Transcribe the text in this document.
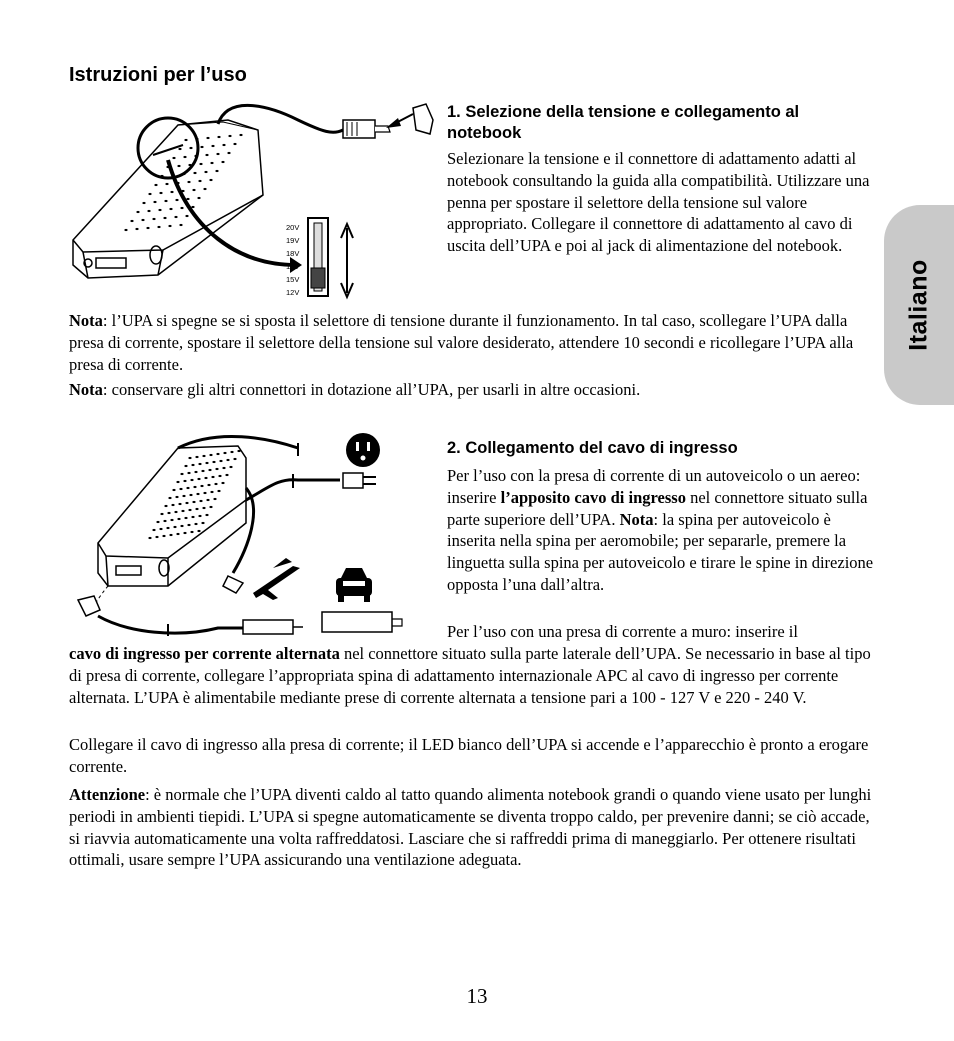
Istruzioni per l’uso
Italiano
20V
19V
18V
16V
15V
12V
1. Selezione della tensione e collegamento al notebook
Selezionare la tensione e il connettore di adattamento adatti al notebook consultando la guida alla compatibilità. Utilizzare una penna per spostare il selettore della tensione sul valore appropriato. Collegare il connettore di adattamento al cavo di uscita dell’UPA e poi al jack di alimentazione del notebook.
Nota: l’UPA si spegne se si sposta il selettore di tensione durante il funzionamento. In tal caso, scollegare l’UPA dalla presa di corrente, spostare il selettore della tensione sul valore desiderato, attendere 10 secondi e ricollegare l’UPA alla presa di corrente.
Nota: conservare gli altri connettori in dotazione all’UPA, per usarli in altre occasioni.
2. Collegamento del cavo di ingresso
Per l’uso con la presa di corrente di un autoveicolo o un aereo: inserire l’apposito cavo di ingresso nel connettore situato sulla parte superiore dell’UPA. Nota: la spina per autoveicolo è inserita nella spina per aeromobile; per separarle, premere la linguetta sulla spina per autoveicolo e tirare le spine in direzione opposta l’una dall’altra.
Per l’uso con una presa di corrente a muro: inserire il
cavo di ingresso per corrente alternata nel connettore situato sulla parte laterale dell’UPA. Se necessario in base al tipo di presa di corrente, collegare l’appropriata spina di adattamento internazionale APC al cavo di ingresso per corrente alternata. L’UPA è alimentabile mediante prese di corrente alternata a tensione pari a 100 - 127 V e 220 - 240 V.
Collegare il cavo di ingresso alla presa di corrente; il LED bianco dell’UPA si accende e l’apparecchio è pronto a erogare corrente.
Attenzione: è normale che l’UPA diventi caldo al tatto quando alimenta notebook grandi o quando viene usato per lunghi periodi in ambienti tiepidi. L’UPA si spegne automaticamente se diventa troppo caldo, per prevenire danni; se ciò accade, si riavvia automaticamente una volta raffreddatosi. Lasciare che si raffreddi prima di maneggiarlo. Per ottenere risultati ottimali, usare sempre l’UPA assicurando una ventilazione adeguata.
13
